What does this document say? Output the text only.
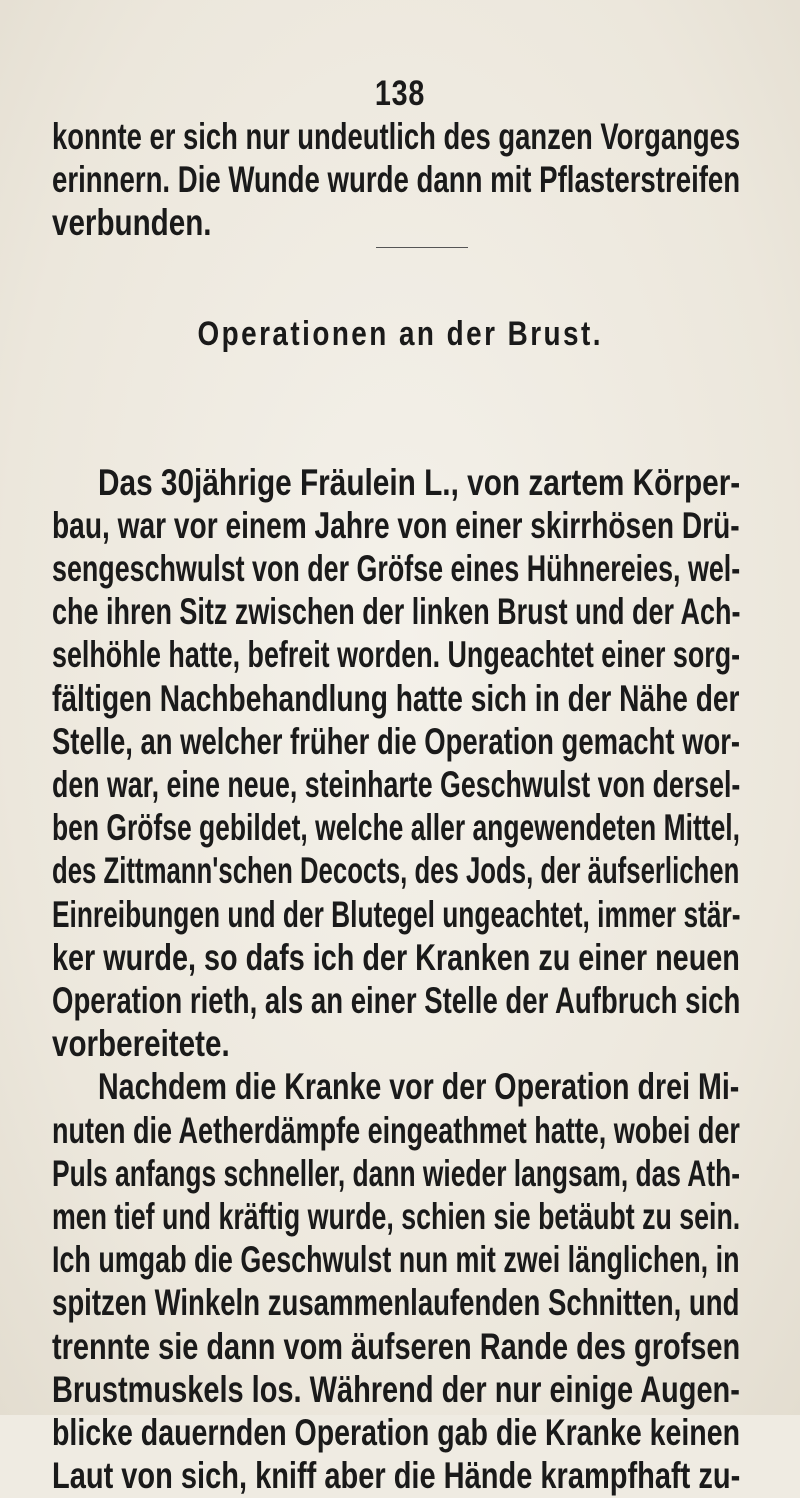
138
konnte er sich nur undeutlich des ganzen Vorganges
erinnern. Die Wunde wurde dann mit Pflasterstreifen
verbunden.
Operationen an der Brust.
Das 30jährige Fräulein L., von zartem Körper-
bau, war vor einem Jahre von einer skirrhösen Drü-
sengeschwulst von der Gröfse eines Hühnereies, wel-
che ihren Sitz zwischen der linken Brust und der Ach-
selhöhle hatte, befreit worden. Ungeachtet einer sorg-
fältigen Nachbehandlung hatte sich in der Nähe der
Stelle, an welcher früher die Operation gemacht wor-
den war, eine neue, steinharte Geschwulst von dersel-
ben Gröfse gebildet, welche aller angewendeten Mittel,
des Zittmann'schen Decocts, des Jods, der äufserlichen
Einreibungen und der Blutegel ungeachtet, immer stär-
ker wurde, so dafs ich der Kranken zu einer neuen
Operation rieth, als an einer Stelle der Aufbruch sich
vorbereitete.
Nachdem die Kranke vor der Operation drei Mi-
nuten die Aetherdämpfe eingeathmet hatte, wobei der
Puls anfangs schneller, dann wieder langsam, das Ath-
men tief und kräftig wurde, schien sie betäubt zu sein.
Ich umgab die Geschwulst nun mit zwei länglichen, in
spitzen Winkeln zusammenlaufenden Schnitten, und
trennte sie dann vom äufseren Rande des grofsen
Brustmuskels los. Während der nur einige Augen-
blicke dauernden Operation gab die Kranke keinen
Laut von sich, kniff aber die Hände krampfhaft zu-
